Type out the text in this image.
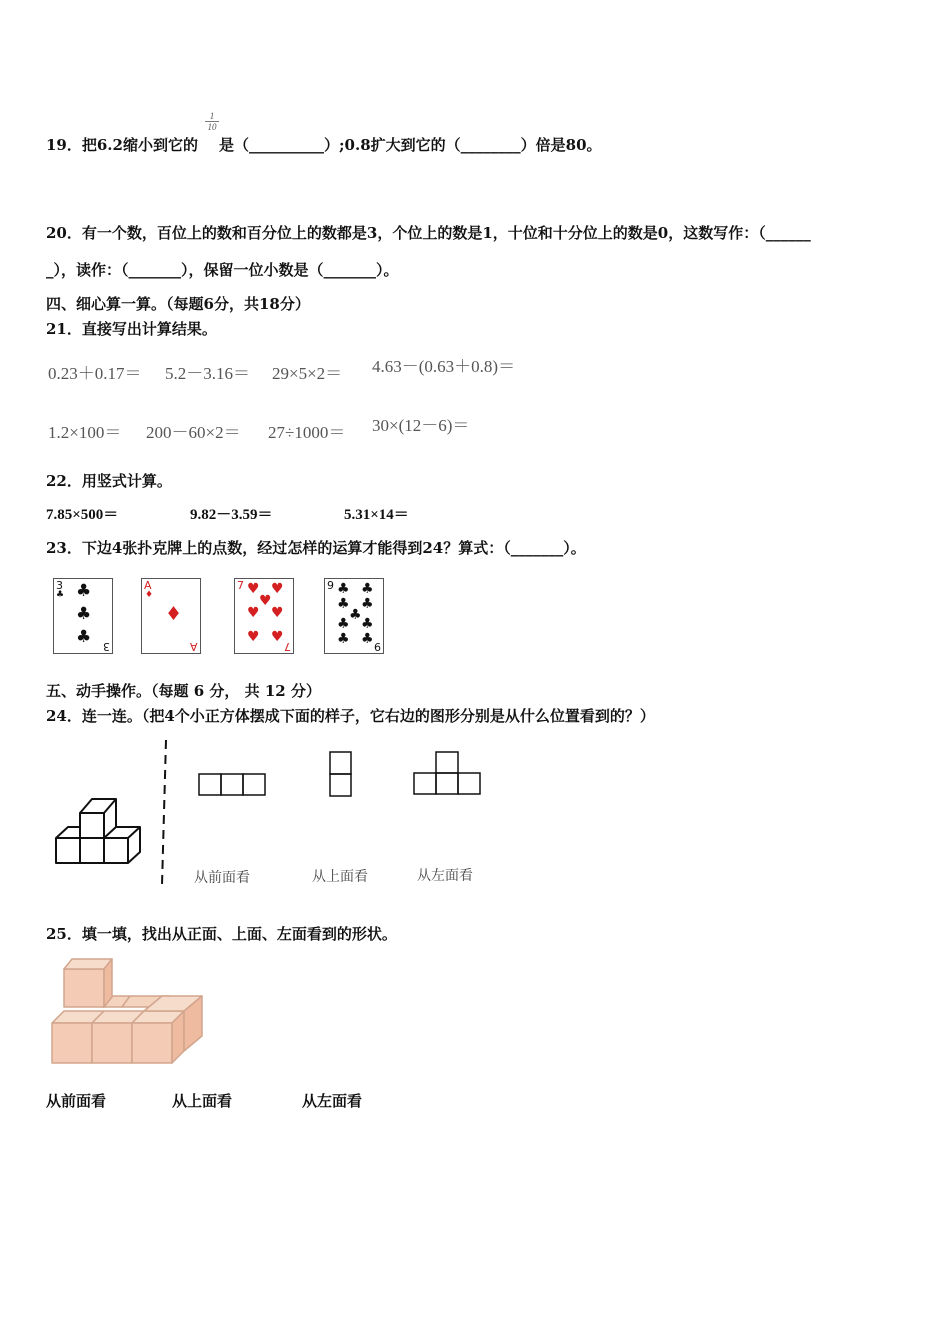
19．把6.2缩小到它的
$\frac{1}{10}$
是（__________）;0.8扩大到它的（________）倍是80。
20．有一个数，百位上的数和百分位上的数都是3，个位上的数是1，十位和十分位上的数是0，这数写作：（______
_），读作：（_______），保留一位小数是（_______）。
四、细心算一算。（每题6分，共18分）
21．直接写出计算结果。
0.23＋0.17＝ 5.2－3.16＝ 29×5×2＝ 4.63－(0.63＋0.8)＝
1.2×100＝ 200－60×2＝ 27÷1000＝ 30×(12－6)＝
22．用竖式计算。
7.85×500＝	9.82－3.59＝	5.31×14＝
23．下边4张扑克牌上的点数，经过怎样的运算才能得到24？算式：（_______）。
3
♣ ♣
♣
♣ 3
A
♦
♦
A
7 ♥ ♥
♥
♥ ♥
♥ ♥
7
9 ♣ ♣
♣ ♣
♣
♣ ♣
♣ ♣ 9
五、动手操作。（每题 6 分， 共 12 分）
24．连一连。（把4个小正方体摆成下面的样子，它右边的图形分别是从什么位置看到的？）
从前面看	从上面看	从左面看
25．填一填，找出从正面、上面、左面看到的形状。
从前面看	从上面看	从左面看
